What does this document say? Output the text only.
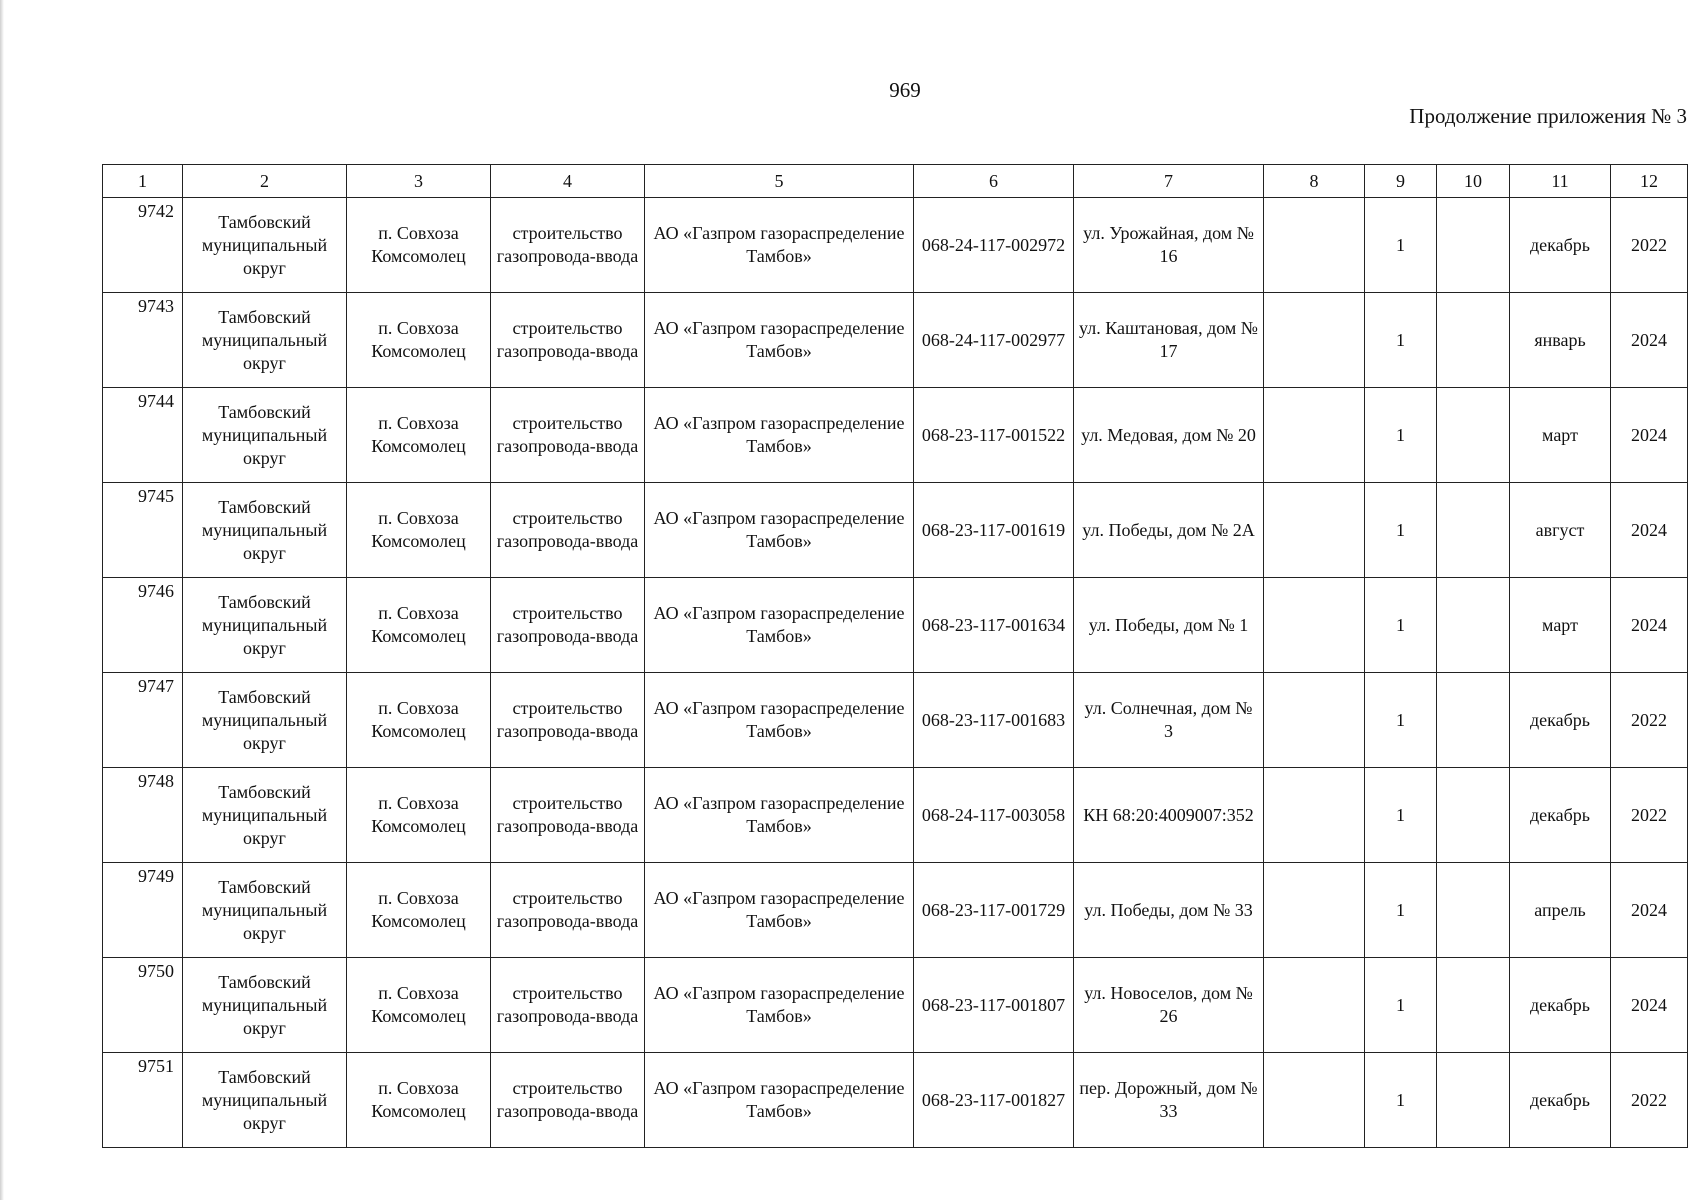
969
Продолжение приложения № 3
1	2	3	4	5	6	7	8	9	10	11	12
9742	Тамбовский муниципальный округ	п. Совхоза Комсомолец	строительство газопровода-ввода	АО «Газпром газораспределение Тамбов»	068-24-117-002972	ул. Урожайная, дом № 16		1		декабрь	2022
9743	Тамбовский муниципальный округ	п. Совхоза Комсомолец	строительство газопровода-ввода	АО «Газпром газораспределение Тамбов»	068-24-117-002977	ул. Каштановая, дом № 17		1		январь	2024
9744	Тамбовский муниципальный округ	п. Совхоза Комсомолец	строительство газопровода-ввода	АО «Газпром газораспределение Тамбов»	068-23-117-001522	ул. Медовая, дом № 20		1		март	2024
9745	Тамбовский муниципальный округ	п. Совхоза Комсомолец	строительство газопровода-ввода	АО «Газпром газораспределение Тамбов»	068-23-117-001619	ул. Победы, дом № 2А		1		август	2024
9746	Тамбовский муниципальный округ	п. Совхоза Комсомолец	строительство газопровода-ввода	АО «Газпром газораспределение Тамбов»	068-23-117-001634	ул. Победы, дом № 1		1		март	2024
9747	Тамбовский муниципальный округ	п. Совхоза Комсомолец	строительство газопровода-ввода	АО «Газпром газораспределение Тамбов»	068-23-117-001683	ул. Солнечная, дом № 3		1		декабрь	2022
9748	Тамбовский муниципальный округ	п. Совхоза Комсомолец	строительство газопровода-ввода	АО «Газпром газораспределение Тамбов»	068-24-117-003058	КН 68:20:4009007:352		1		декабрь	2022
9749	Тамбовский муниципальный округ	п. Совхоза Комсомолец	строительство газопровода-ввода	АО «Газпром газораспределение Тамбов»	068-23-117-001729	ул. Победы, дом № 33		1		апрель	2024
9750	Тамбовский муниципальный округ	п. Совхоза Комсомолец	строительство газопровода-ввода	АО «Газпром газораспределение Тамбов»	068-23-117-001807	ул. Новоселов, дом № 26		1		декабрь	2024
9751	Тамбовский муниципальный округ	п. Совхоза Комсомолец	строительство газопровода-ввода	АО «Газпром газораспределение Тамбов»	068-23-117-001827	пер. Дорожный, дом № 33		1		декабрь	2022
